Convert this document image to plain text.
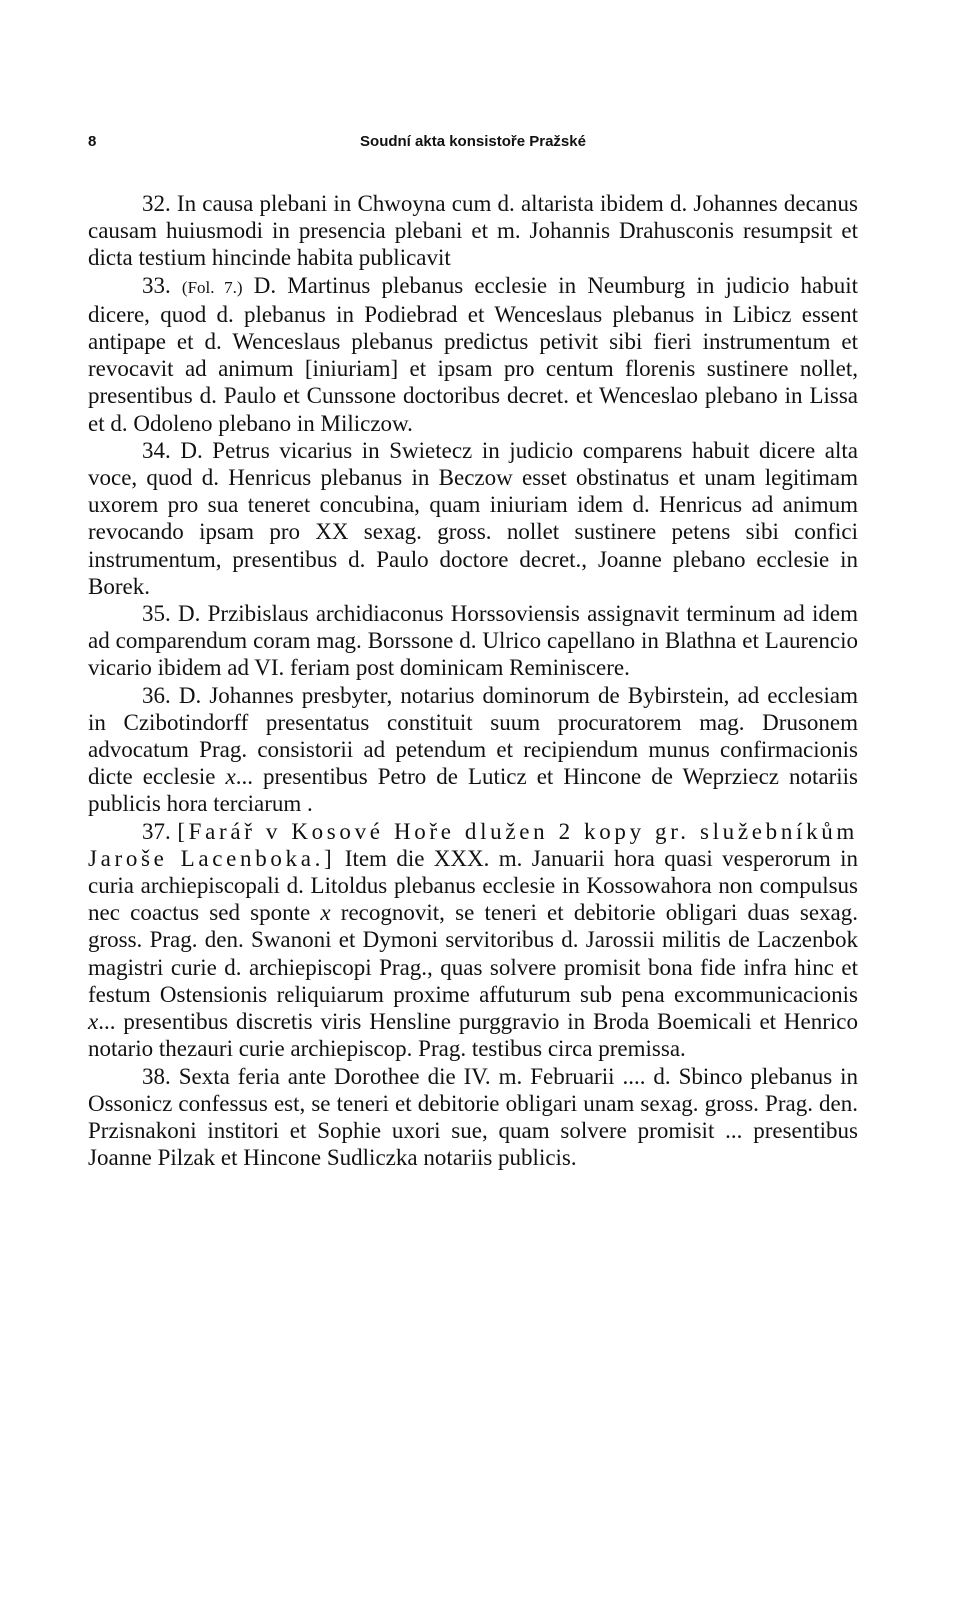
8	Soudní akta konsistoře Pražské

32. In causa plebani in Chwoyna cum d. altarista ibidem d. Johannes decanus causam huiusmodi in presencia plebani et m. Johannis Drahusconis resumpsit et dicta testium hincinde habita publicavit

33. (Fol. 7.) D. Martinus plebanus ecclesie in Neumburg in judicio habuit dicere, quod d. plebanus in Podiebrad et Wenceslaus plebanus in Libicz essent antipape et d. Wenceslaus plebanus predictus petivit sibi fieri instrumentum et revocavit ad animum [iniuriam] et ipsam pro centum florenis sustinere nollet, presentibus d. Paulo et Cunssone doctoribus decret. et Wenceslao plebano in Lissa et d. Odoleno plebano in Miliczow.

34. D. Petrus vicarius in Swietecz in judicio comparens habuit dicere alta voce, quod d. Henricus plebanus in Beczow esset obstinatus et unam legitimam uxorem pro sua teneret concubina, quam iniuriam idem d. Henricus ad animum revocando ipsam pro XX sexag. gross. nollet sustinere petens sibi confici instrumentum, presentibus d. Paulo doctore decret., Joanne plebano ecclesie in Borek.

35. D. Przibislaus archidiaconus Horssoviensis assignavit terminum ad idem ad comparendum coram mag. Borssone d. Ulrico capellano in Blathna et Laurencio vicario ibidem ad VI. feriam post dominicam Reminiscere.

36. D. Johannes presbyter, notarius dominorum de Bybirstein, ad ecclesiam in Czibotindorff presentatus constituit suum procuratorem mag. Drusonem advocatum Prag. consistorii ad petendum et recipiendum munus confirmacionis dicte ecclesie x... presentibus Petro de Luticz et Hincone de Weprziecz notariis publicis hora terciarum .

37. [Farář v Kosové Hoře dlužen 2 kopy gr. služebníkům Jaroše Lacenboka.] Item die XXX. m. Januarii hora quasi vesperorum in curia archiepiscopali d. Litoldus plebanus ecclesie in Kossowahora non compulsus nec coactus sed sponte x recognovit, se teneri et debitorie obligari duas sexag. gross. Prag. den. Swanoni et Dymoni servitoribus d. Jarossii militis de Laczenbok magistri curie d. archiepiscopi Prag., quas solvere promisit bona fide infra hinc et festum Ostensionis reliquiarum proxime affuturum sub pena excommunicacionis x... presentibus discretis viris Hensline purggravio in Broda Boemicali et Henrico notario thezauri curie archiepiscop. Prag. testibus circa premissa.

38. Sexta feria ante Dorothee die IV. m. Februarii .... d. Sbinco plebanus in Ossonicz confessus est, se teneri et debitorie obligari unam sexag. gross. Prag. den. Przisnakoni institori et Sophie uxori sue, quam solvere promisit ... presentibus Joanne Pilzak et Hincone Sudliczka notariis publicis.
